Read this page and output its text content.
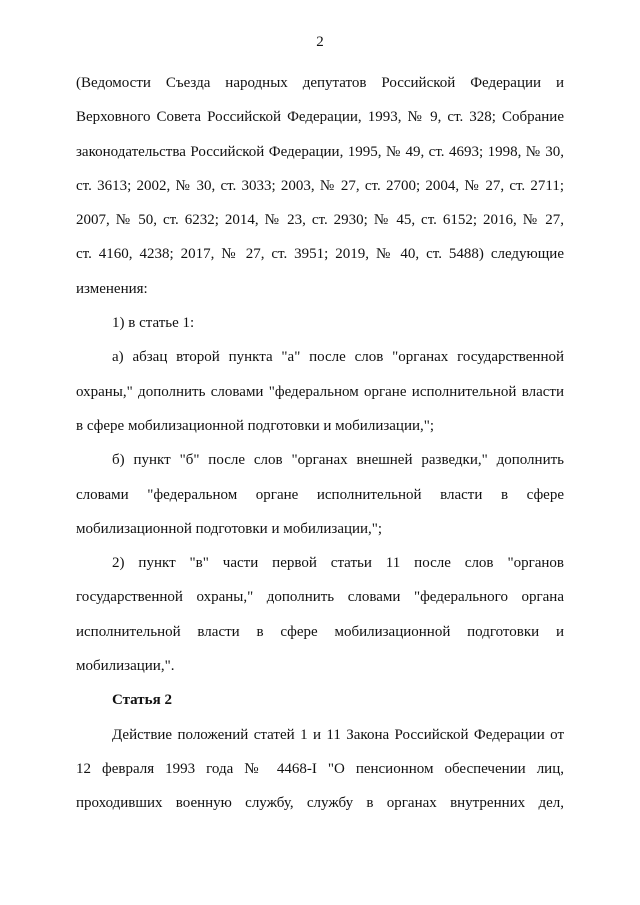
2
(Ведомости Съезда народных депутатов Российской Федерации и
Верховного Совета Российской Федерации, 1993, № 9, ст. 328; Собрание
законодательства Российской Федерации, 1995, № 49, ст. 4693; 1998, № 30,
ст. 3613; 2002, № 30, ст. 3033; 2003, № 27, ст. 2700; 2004, № 27, ст. 2711;
2007, № 50, ст. 6232; 2014, № 23, ст. 2930; № 45, ст. 6152; 2016, № 27,
ст. 4160, 4238; 2017, № 27, ст. 3951; 2019, № 40, ст. 5488) следующие
изменения:
1) в статье 1:
а) абзац второй пункта "а" после слов "органах государственной
охраны," дополнить словами "федеральном органе исполнительной власти
в сфере мобилизационной подготовки и мобилизации,";
б) пункт "б" после слов "органах внешней разведки," дополнить
словами "федеральном органе исполнительной власти в сфере
мобилизационной подготовки и мобилизации,";
2) пункт "в" части первой статьи 11 после слов "органов
государственной охраны," дополнить словами "федерального органа
исполнительной власти в сфере мобилизационной подготовки и
мобилизации,".
Статья 2
Действие положений статей 1 и 11 Закона Российской Федерации от
12 февраля 1993 года № 4468-I "О пенсионном обеспечении лиц,
проходивших военную службу, службу в органах внутренних дел,
